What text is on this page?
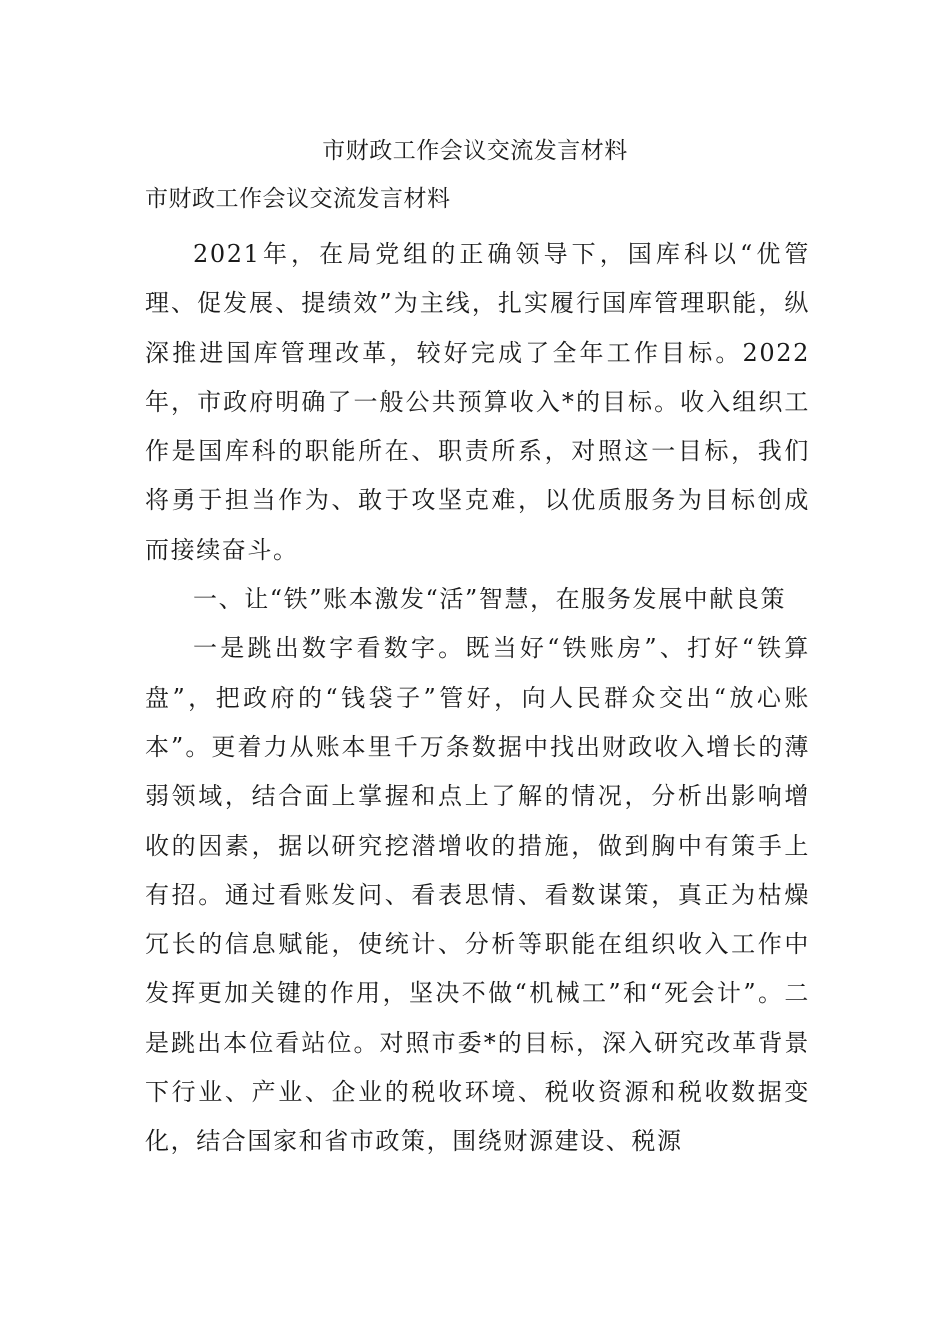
市财政工作会议交流发言材料
市财政工作会议交流发言材料

2021年，在局党组的正确领导下，国库科以“优管理、促发展、提绩效”为主线，扎实履行国库管理职能，纵深推进国库管理改革，较好完成了全年工作目标。2022年，市政府明确了一般公共预算收入*的目标。收入组织工作是国库科的职能所在、职责所系，对照这一目标，我们将勇于担当作为、敢于攻坚克难，以优质服务为目标创成而接续奋斗。

一、让“铁”账本激发“活”智慧，在服务发展中献良策

一是跳出数字看数字。既当好“铁账房”、打好“铁算盘”，把政府的“钱袋子”管好，向人民群众交出“放心账本”。更着力从账本里千万条数据中找出财政收入增长的薄弱领域，结合面上掌握和点上了解的情况，分析出影响增收的因素，据以研究挖潜增收的措施，做到胸中有策手上有招。通过看账发问、看表思情、看数谋策，真正为枯燥冗长的信息赋能，使统计、分析等职能在组织收入工作中发挥更加关键的作用，坚决不做“机械工”和“死会计”。二是跳出本位看站位。对照市委*的目标，深入研究改革背景下行业、产业、企业的税收环境、税收资源和税收数据变化，结合国家和省市政策，围绕财源建设、税源
